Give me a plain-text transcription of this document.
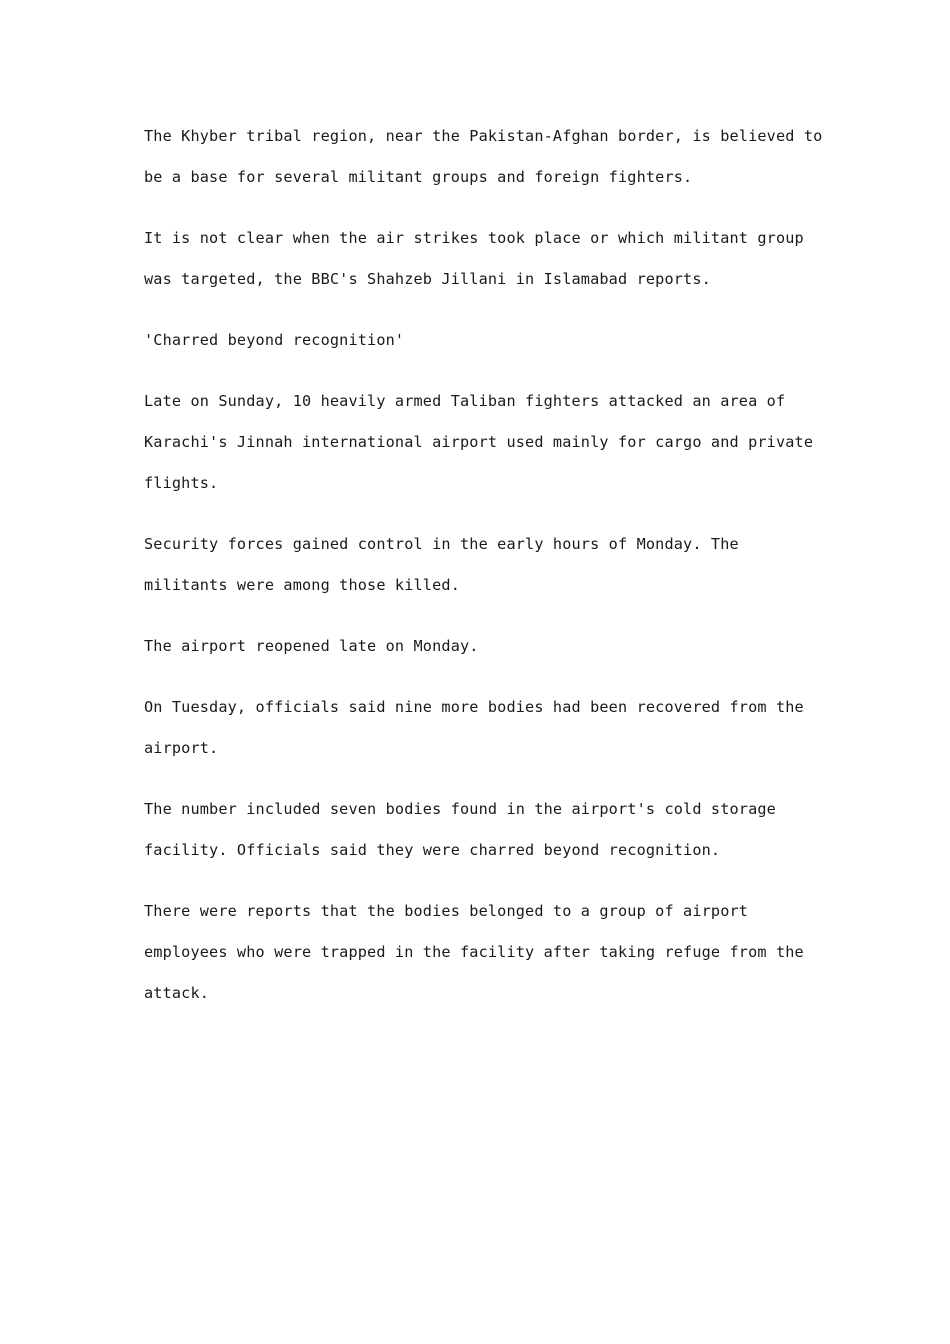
The Khyber tribal region, near the Pakistan-Afghan border, is believed to be a base for several militant groups and foreign fighters.

It is not clear when the air strikes took place or which militant group was targeted, the BBC's Shahzeb Jillani in Islamabad reports.

'Charred beyond recognition'

Late on Sunday, 10 heavily armed Taliban fighters attacked an area of Karachi's Jinnah international airport used mainly for cargo and private flights.

Security forces gained control in the early hours of Monday. The militants were among those killed.

The airport reopened late on Monday.

On Tuesday, officials said nine more bodies had been recovered from the airport.

The number included seven bodies found in the airport's cold storage facility. Officials said they were charred beyond recognition.

There were reports that the bodies belonged to a group of airport employees who were trapped in the facility after taking refuge from the attack.
